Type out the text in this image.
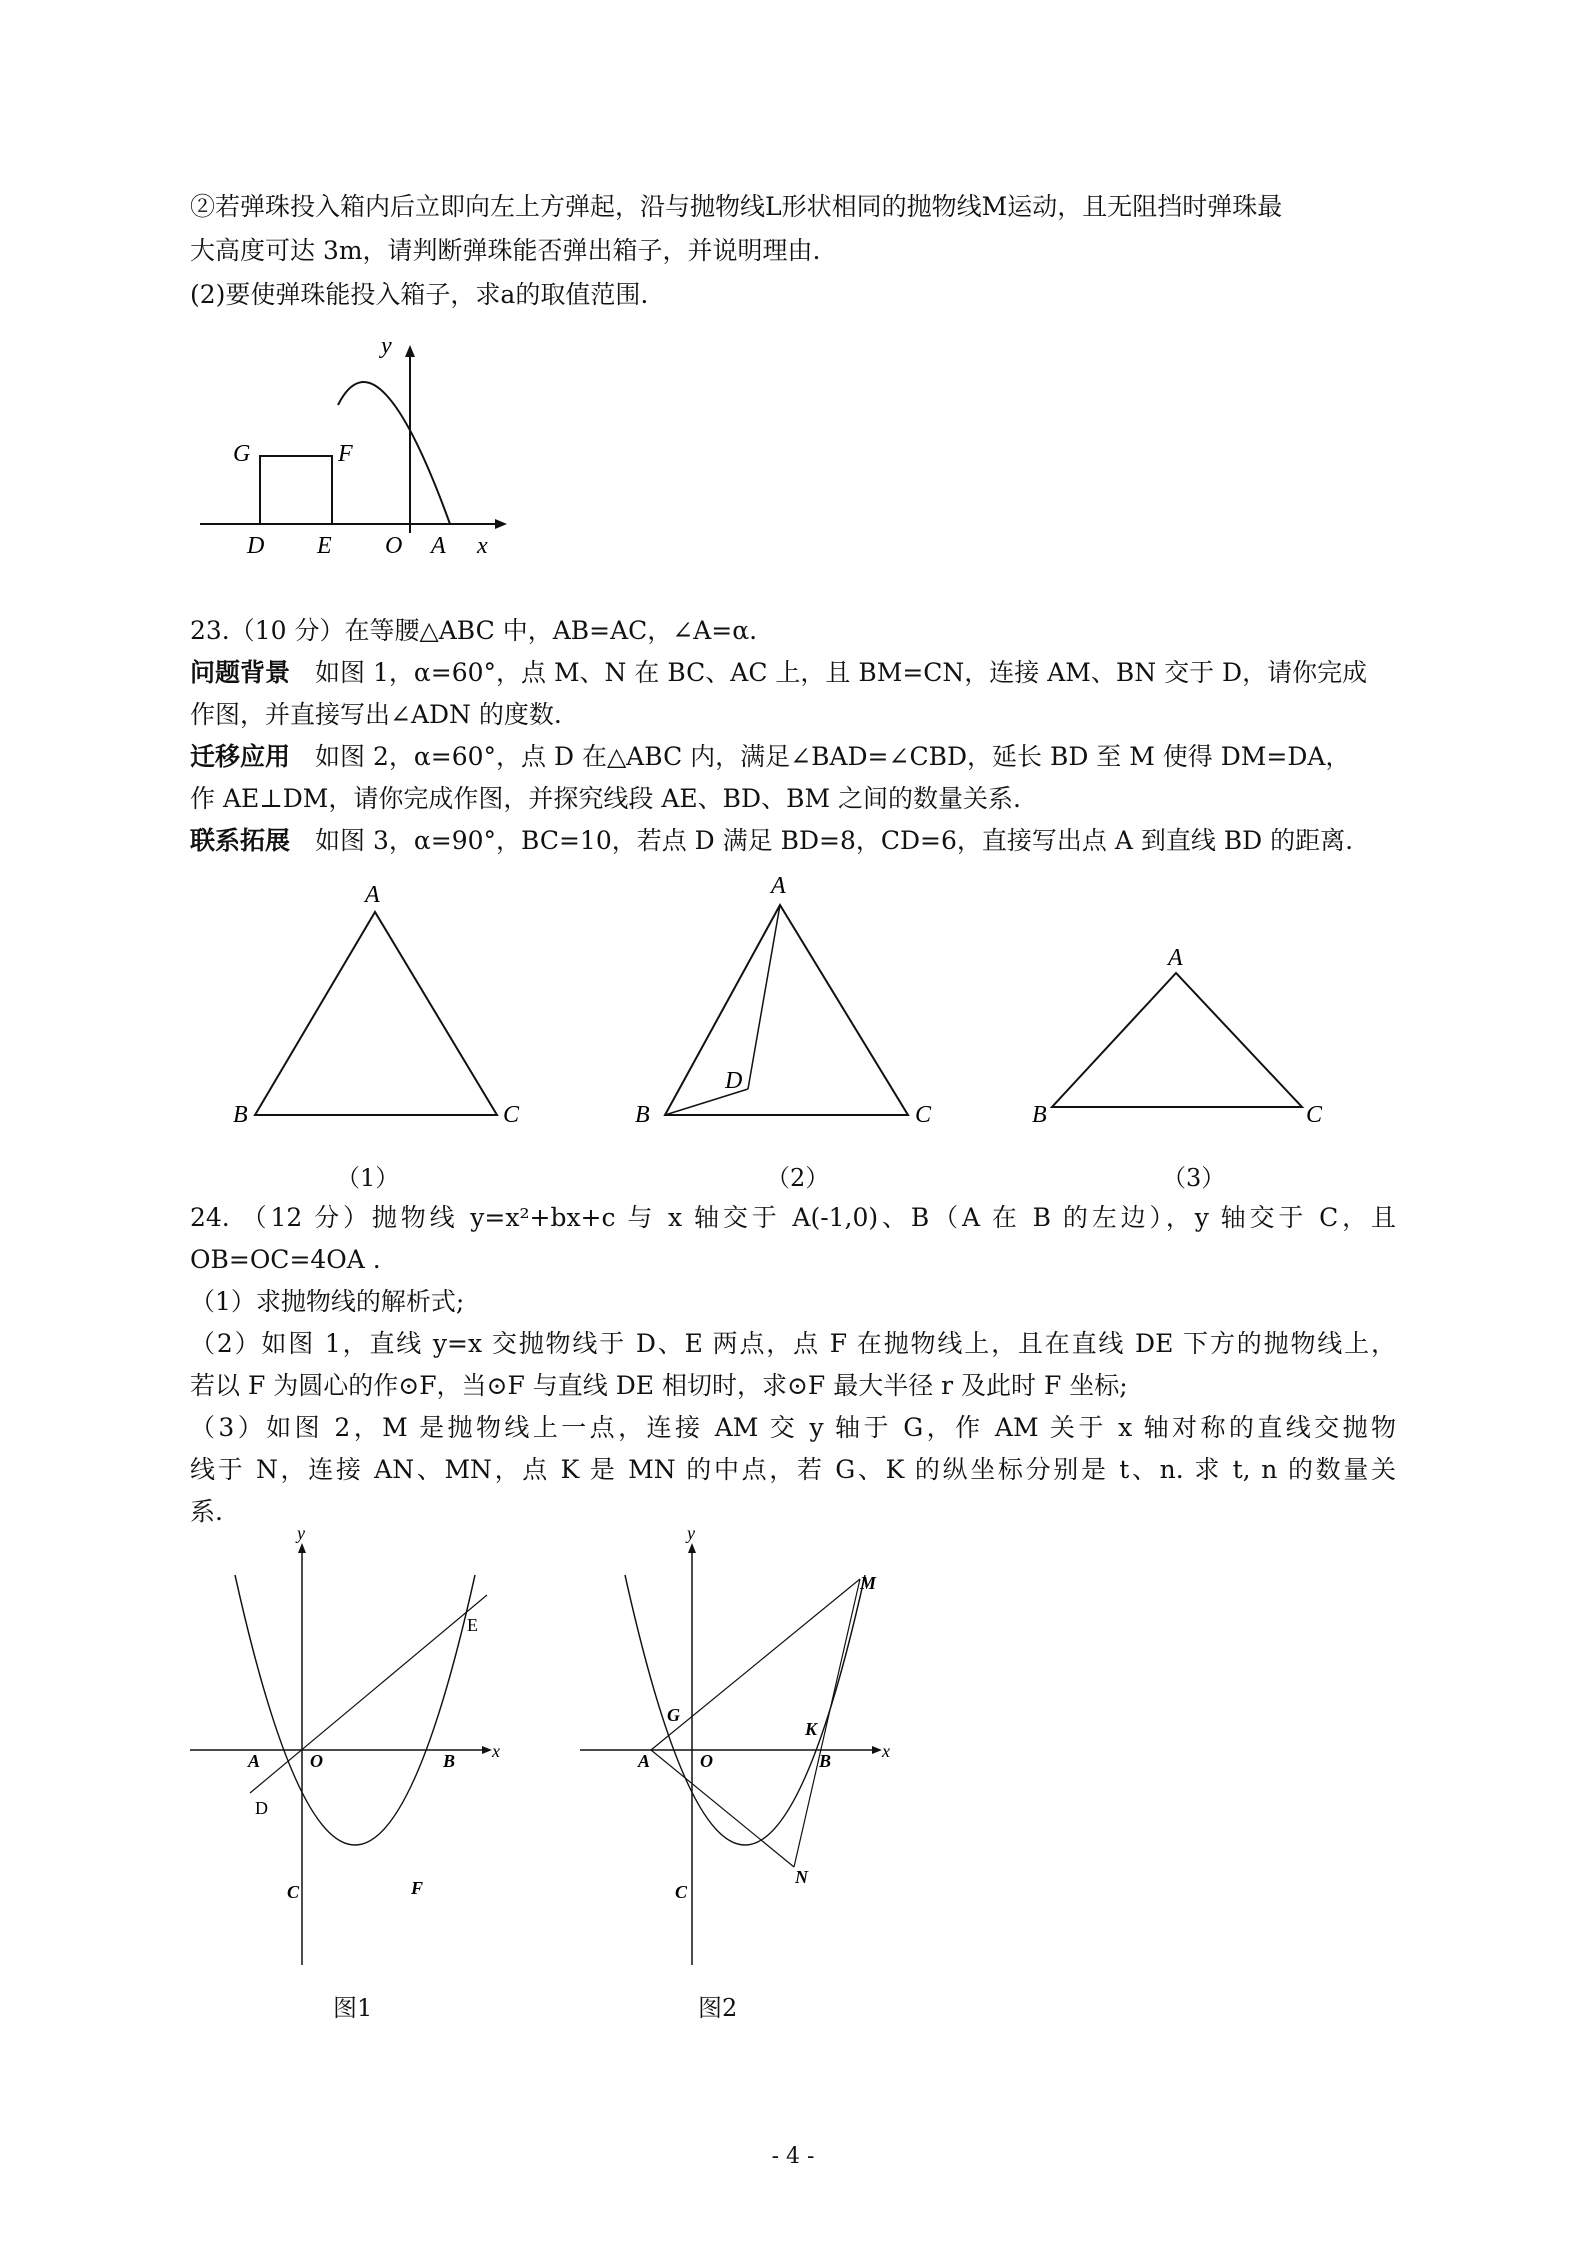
②若弹珠投入箱内后立即向左上方弹起，沿与抛物线L形状相同的抛物线M运动，且无阻挡时弹珠最
大高度可达 3m，请判断弹珠能否弹出箱子，并说明理由.
(2)要使弹珠能投入箱子，求a的取值范围.
y
G	F
D E O A x
23.（10 分）在等腰△ABC 中，AB=AC，∠A=α.
问题背景　如图 1，α=60°，点 M、N 在 BC、AC 上，且 BM=CN，连接 AM、BN 交于 D，请你完成
作图，并直接写出∠ADN 的度数.
迁移应用　如图 2，α=60°，点 D 在△ABC 内，满足∠BAD=∠CBD，延长 BD 至 M 使得 DM=DA，
作 AE⊥DM，请你完成作图，并探究线段 AE、BD、BM 之间的数量关系.
联系拓展　如图 3，α=90°，BC=10，若点 D 满足 BD=8，CD=6，直接写出点 A 到直线 BD 的距离.
A
B	C
（1）
A
D
B	C
（2）
A
B	C
（3）
24. （12 分）抛物线 y=x²+bx+c 与 x 轴交于 A(-1,0)、B（A 在 B 的左边），y 轴交于 C，且
OB=OC=4OA .
（1）求抛物线的解析式;
（2）如图 1，直线 y=x 交抛物线于 D、E 两点，点 F 在抛物线上，且在直线 DE 下方的抛物线上，
若以 F 为圆心的作⊙F，当⊙F 与直线 DE 相切时，求⊙F 最大半径 r 及此时 F 坐标;
（3）如图 2，M 是抛物线上一点，连接 AM 交 y 轴于 G，作 AM 关于 x 轴对称的直线交抛物
线于 N，连接 AN、MN，点 K 是 MN 的中点，若 G、K 的纵坐标分别是 t、n. 求 t, n 的数量关
系.
y
x
A	O	B
D
E
C	F
图1
y
x
A	O	B
G
K
M
N
C
图2
- 4 -
